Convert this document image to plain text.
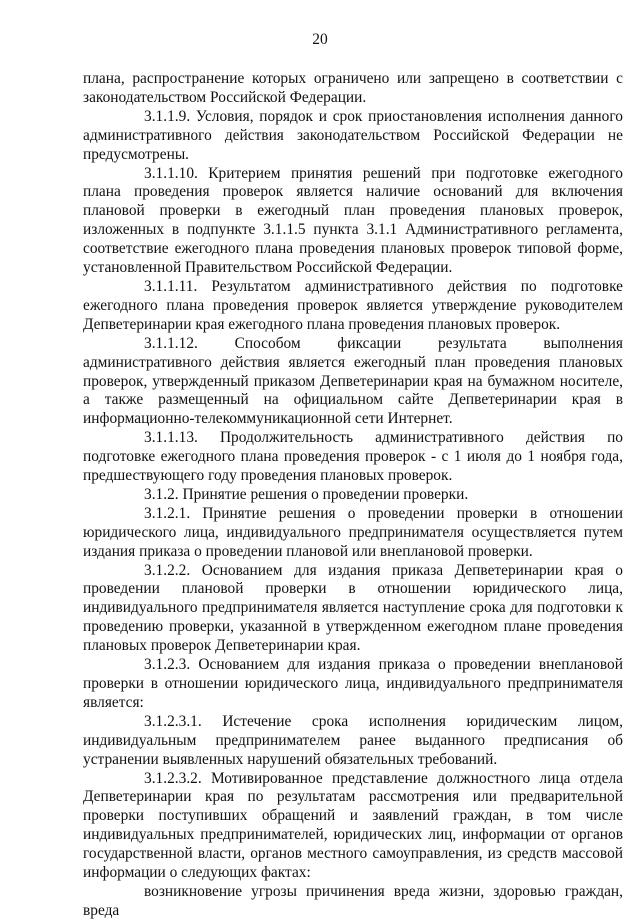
20

плана, распространение которых ограничено или запрещено в соответствии с законодательством Российской Федерации.

3.1.1.9. Условия, порядок и срок приостановления исполнения данного административного действия законодательством Российской Федерации не предусмотрены.

3.1.1.10. Критерием принятия решений при подготовке ежегодного плана проведения проверок является наличие оснований для включения плановой проверки в ежегодный план проведения плановых проверок, изложенных в подпункте 3.1.1.5 пункта 3.1.1 Административного регламента, соответствие ежегодного плана проведения плановых проверок типовой форме, установленной Правительством Российской Федерации.

3.1.1.11. Результатом административного действия по подготовке ежегодного плана проведения проверок является утверждение руководителем Депветеринарии края ежегодного плана проведения плановых проверок.

3.1.1.12. Способом фиксации результата выполнения административного действия является ежегодный план проведения плановых проверок, утвержденный приказом Депветеринарии края на бумажном носителе, а также размещенный на официальном сайте Депветеринарии края в информационно-телекоммуникационной сети Интернет.

3.1.1.13. Продолжительность административного действия по подготовке ежегодного плана проведения проверок - с 1 июля до 1 ноября года, предшествующего году проведения плановых проверок.

3.1.2. Принятие решения о проведении проверки.

3.1.2.1. Принятие решения о проведении проверки в отношении юридического лица, индивидуального предпринимателя осуществляется путем издания приказа о проведении плановой или внеплановой проверки.

3.1.2.2. Основанием для издания приказа Депветеринарии края о проведении плановой проверки в отношении юридического лица, индивидуального предпринимателя является наступление срока для подготовки к проведению проверки, указанной в утвержденном ежегодном плане проведения плановых проверок Депветеринарии края.

3.1.2.3. Основанием для издания приказа о проведении внеплановой проверки в отношении юридического лица, индивидуального предпринимателя является:

3.1.2.3.1. Истечение срока исполнения юридическим лицом, индивидуальным предпринимателем ранее выданного предписания об устранении выявленных нарушений обязательных требований.

3.1.2.3.2. Мотивированное представление должностного лица отдела Депветеринарии края по результатам рассмотрения или предварительной проверки поступивших обращений и заявлений граждан, в том числе индивидуальных предпринимателей, юридических лиц, информации от органов государственной власти, органов местного самоуправления, из средств массовой информации о следующих фактах:

возникновение угрозы причинения вреда жизни, здоровью граждан, вреда
